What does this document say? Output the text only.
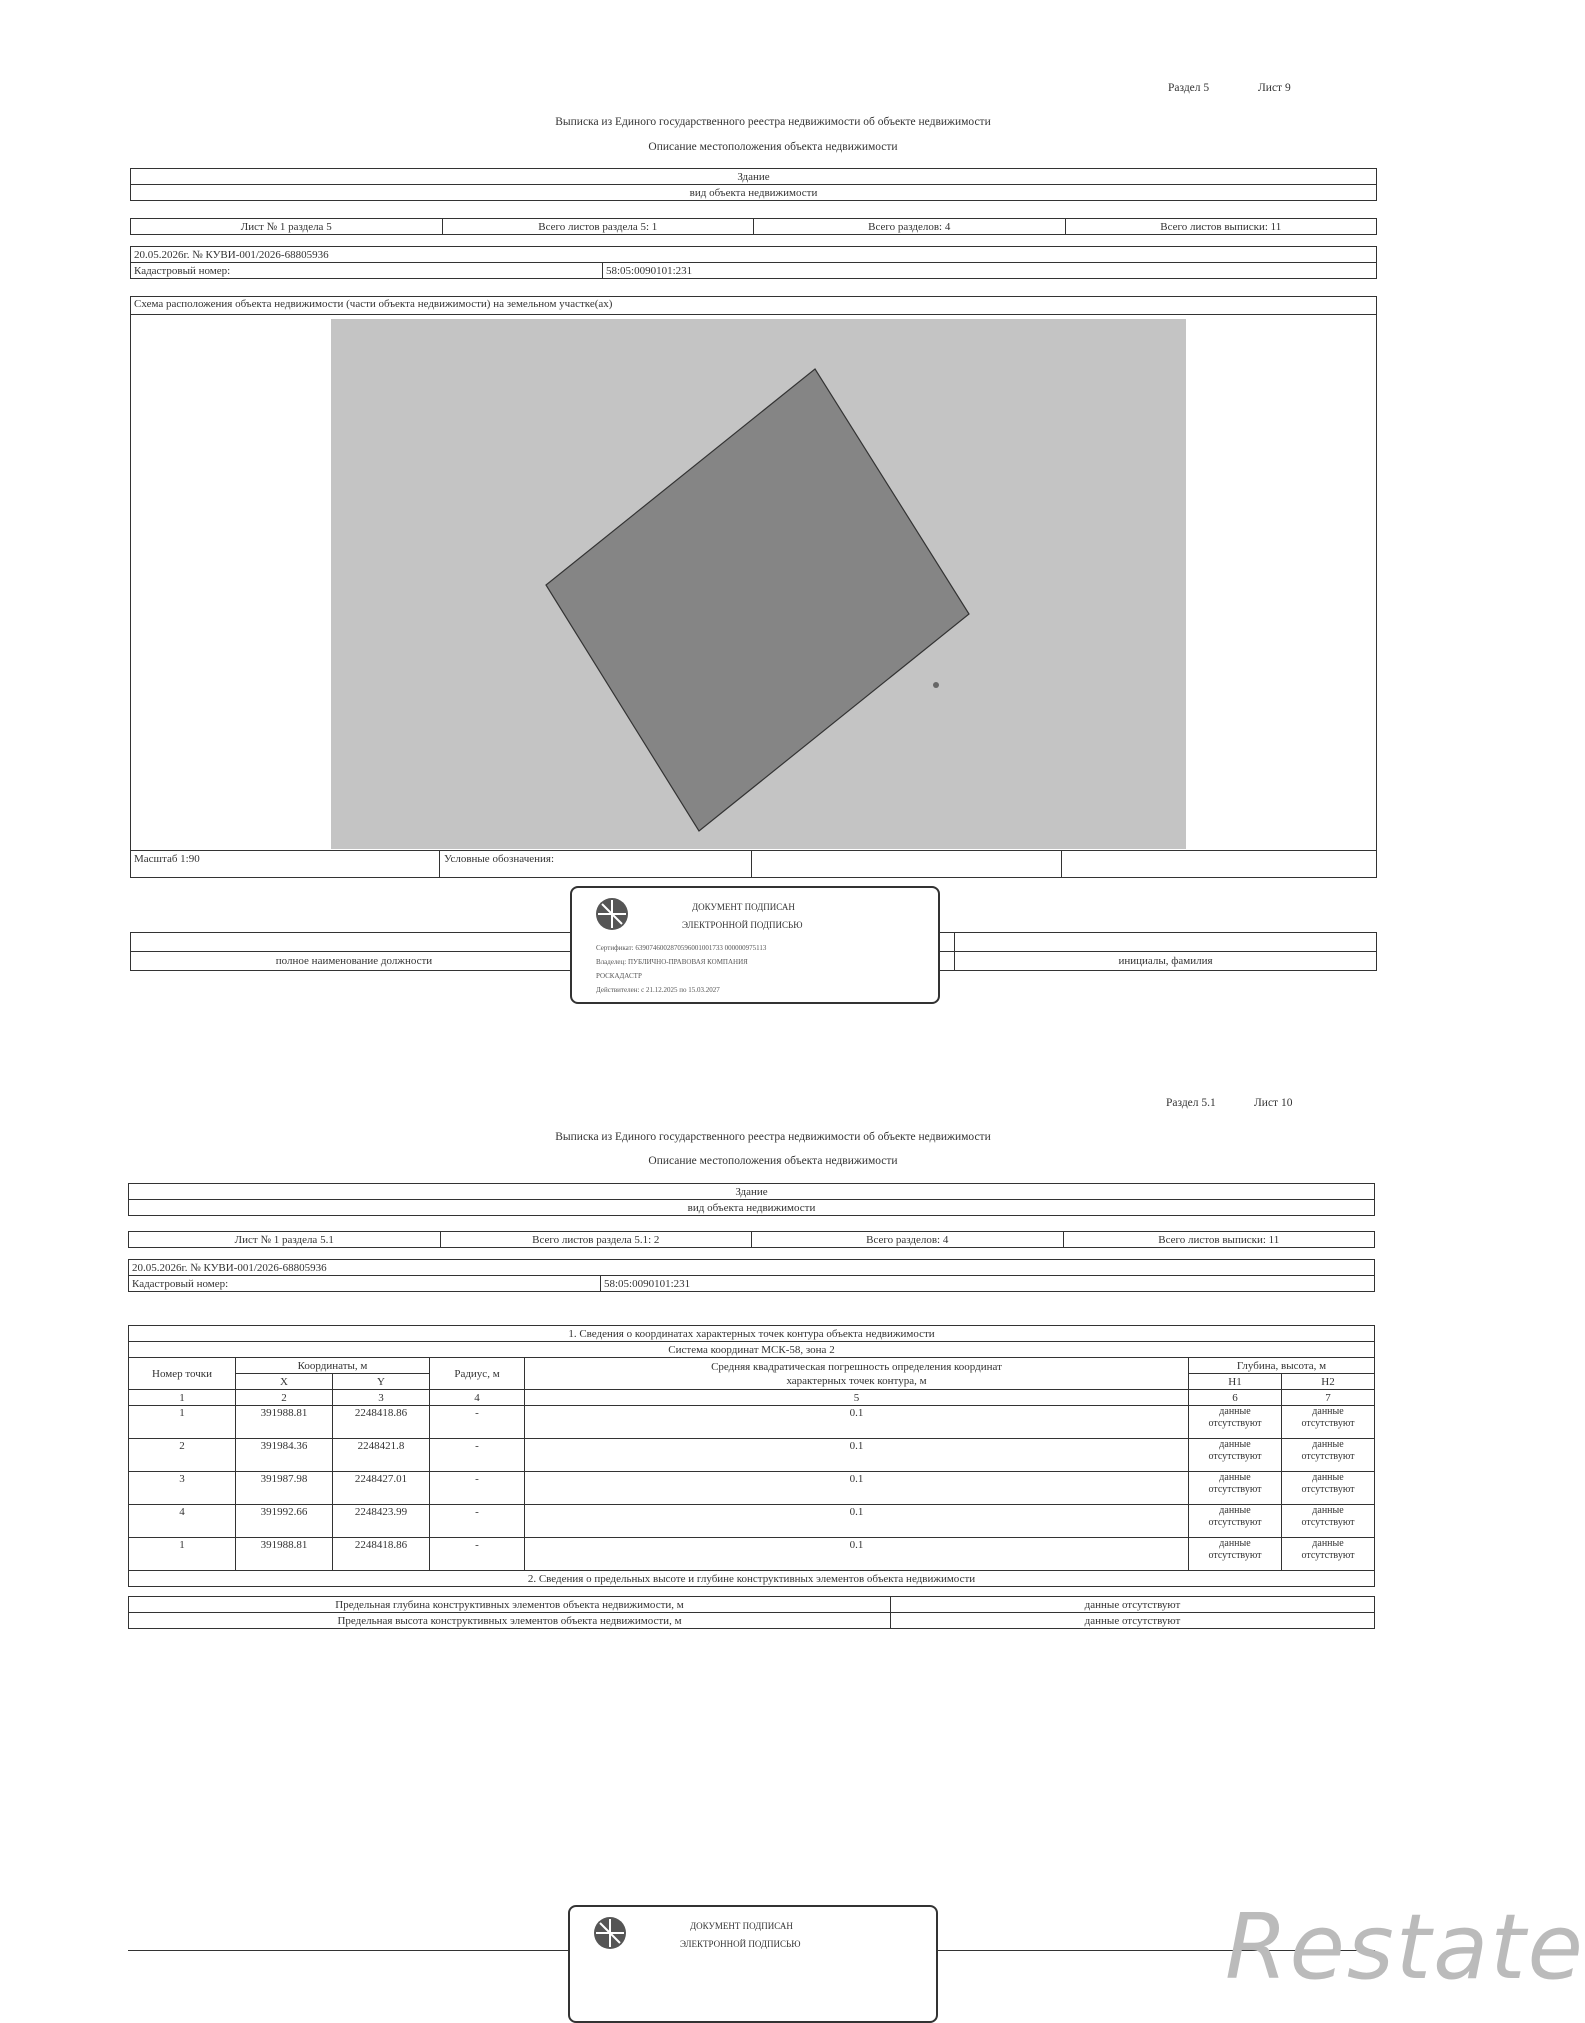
Раздел 5	Лист 9
Выписка из Единого государственного реестра недвижимости об объекте недвижимости
Описание местоположения объекта недвижимости
Здание
вид объекта недвижимости
Лист № 1 раздела 5	Всего листов раздела 5: 1	Всего разделов: 4	Всего листов выписки: 11
20.05.2026г. № КУВИ-001/2026-68805936
Кадастровый номер:	58:05:0090101:231
Схема расположения объекта недвижимости (части объекта недвижимости) на земельном участке(ах)
Масштаб 1:90	Условные обозначения:

полное наименование должности		инициалы, фамилия
ДОКУМЕНТ ПОДПИСАН
ЭЛЕКТРОННОЙ ПОДПИСЬЮ
Сертификат: 6390746002870596001001733 000000975113
Владелец: ПУБЛИЧНО-ПРАВОВАЯ КОМПАНИЯ
РОСКАДАСТР
Действителен: с 21.12.2025 по 15.03.2027
Раздел 5.1	Лист 10
Выписка из Единого государственного реестра недвижимости об объекте недвижимости
Описание местоположения объекта недвижимости
Здание
вид объекта недвижимости
Лист № 1 раздела 5.1	Всего листов раздела 5.1: 2	Всего разделов: 4	Всего листов выписки: 11
20.05.2026г. № КУВИ-001/2026-68805936
Кадастровый номер:	58:05:0090101:231
1. Сведения о координатах характерных точек контура объекта недвижимости						
Система координат МСК-58, зона 2						
Номер точки	Координаты, м		Радиус, м	Средняя квадратическая погрешность определения координат характерных точек контура, м	Глубина, высота, м
	X	Y			H1	H2
1	2	3	4	5	6	7
1	391988.81	2248418.86	-	0.1	данные отсутствуют	данные отсутствуют
2	391984.36	2248421.8	-	0.1	данные отсутствуют	данные отсутствуют
3	391987.98	2248427.01	-	0.1	данные отсутствуют	данные отсутствуют
4	391992.66	2248423.99	-	0.1	данные отсутствуют	данные отсутствуют
1	391988.81	2248418.86	-	0.1	данные отсутствуют	данные отсутствуют
2. Сведения о предельных высоте и глубине конструктивных элементов объекта недвижимости						
Предельная глубина конструктивных элементов объекта недвижимости, м	данные отсутствуют
Предельная высота конструктивных элементов объекта недвижимости, м	данные отсутствуют
ДОКУМЕНТ ПОДПИСАН
ЭЛЕКТРОННОЙ ПОДПИСЬЮ	Restate
